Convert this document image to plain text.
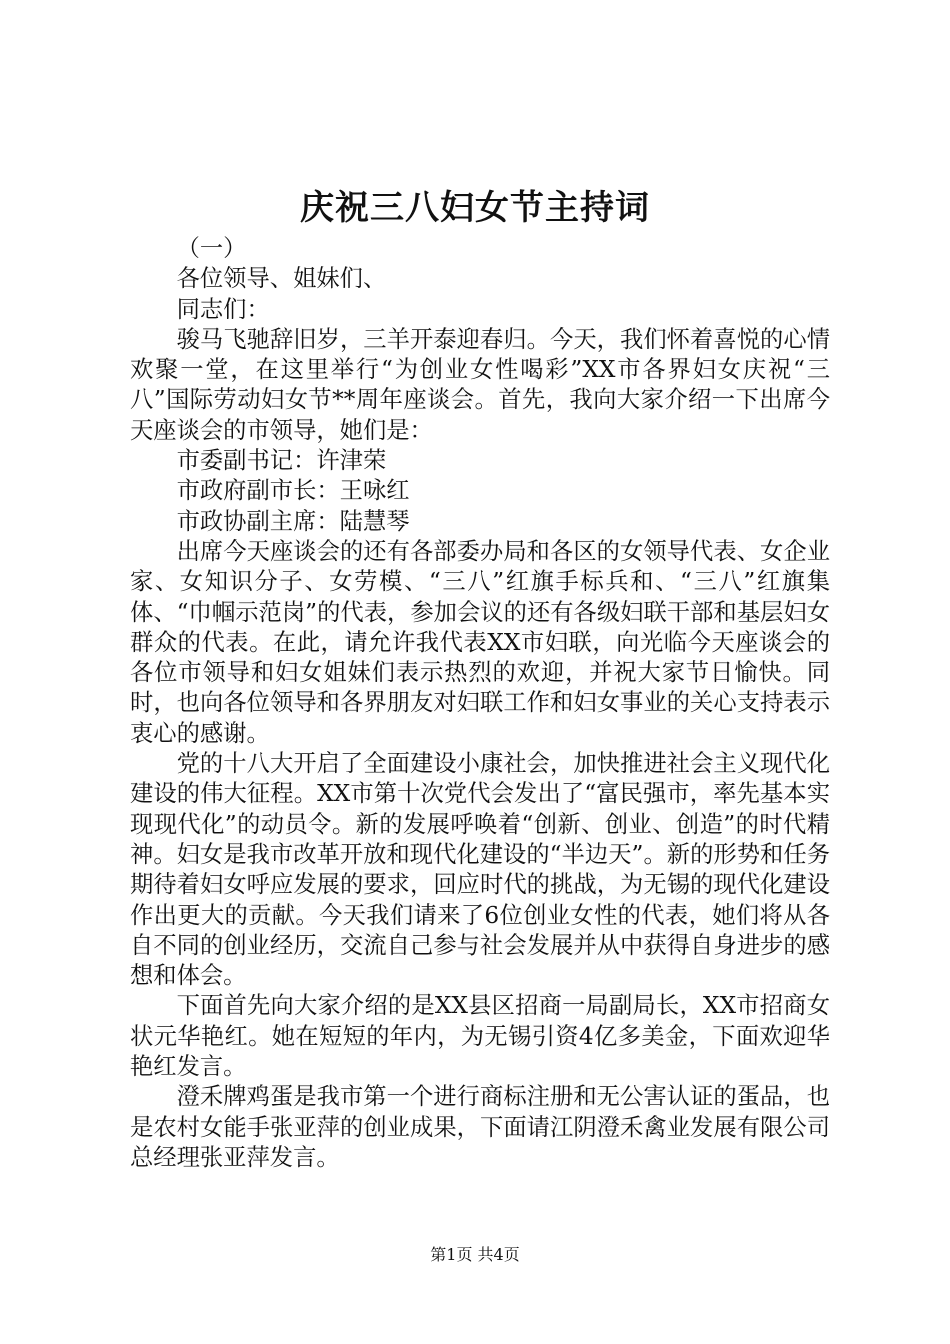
庆祝三八妇女节主持词

（一）

各位领导、姐妹们、

同志们：

骏马飞驰辞旧岁，三羊开泰迎春归。今天，我们怀着喜悦的心情欢聚一堂，在这里举行“为创业女性喝彩”XX市各界妇女庆祝“三八”国际劳动妇女节**周年座谈会。首先，我向大家介绍一下出席今天座谈会的市领导，她们是：

市委副书记：许津荣

市政府副市长：王咏红

市政协副主席：陆慧琴

出席今天座谈会的还有各部委办局和各区的女领导代表、女企业家、女知识分子、女劳模、“三八”红旗手标兵和、“三八”红旗集体、“巾帼示范岗”的代表，参加会议的还有各级妇联干部和基层妇女群众的代表。在此，请允许我代表XX市妇联，向光临今天座谈会的各位市领导和妇女姐妹们表示热烈的欢迎，并祝大家节日愉快。同时，也向各位领导和各界朋友对妇联工作和妇女事业的关心支持表示衷心的感谢。

党的十八大开启了全面建设小康社会，加快推进社会主义现代化建设的伟大征程。XX市第十次党代会发出了“富民强市，率先基本实现现代化”的动员令。新的发展呼唤着“创新、创业、创造”的时代精神。妇女是我市改革开放和现代化建设的“半边天”。新的形势和任务期待着妇女呼应发展的要求，回应时代的挑战，为无锡的现代化建设作出更大的贡献。今天我们请来了6位创业女性的代表，她们将从各自不同的创业经历，交流自己参与社会发展并从中获得自身进步的感想和体会。

下面首先向大家介绍的是XX县区招商一局副局长，XX市招商女状元华艳红。她在短短的年内，为无锡引资4亿多美金，下面欢迎华艳红发言。

澄禾牌鸡蛋是我市第一个进行商标注册和无公害认证的蛋品，也是农村女能手张亚萍的创业成果，下面请江阴澄禾禽业发展有限公司总经理张亚萍发言。

第1页 共4页
